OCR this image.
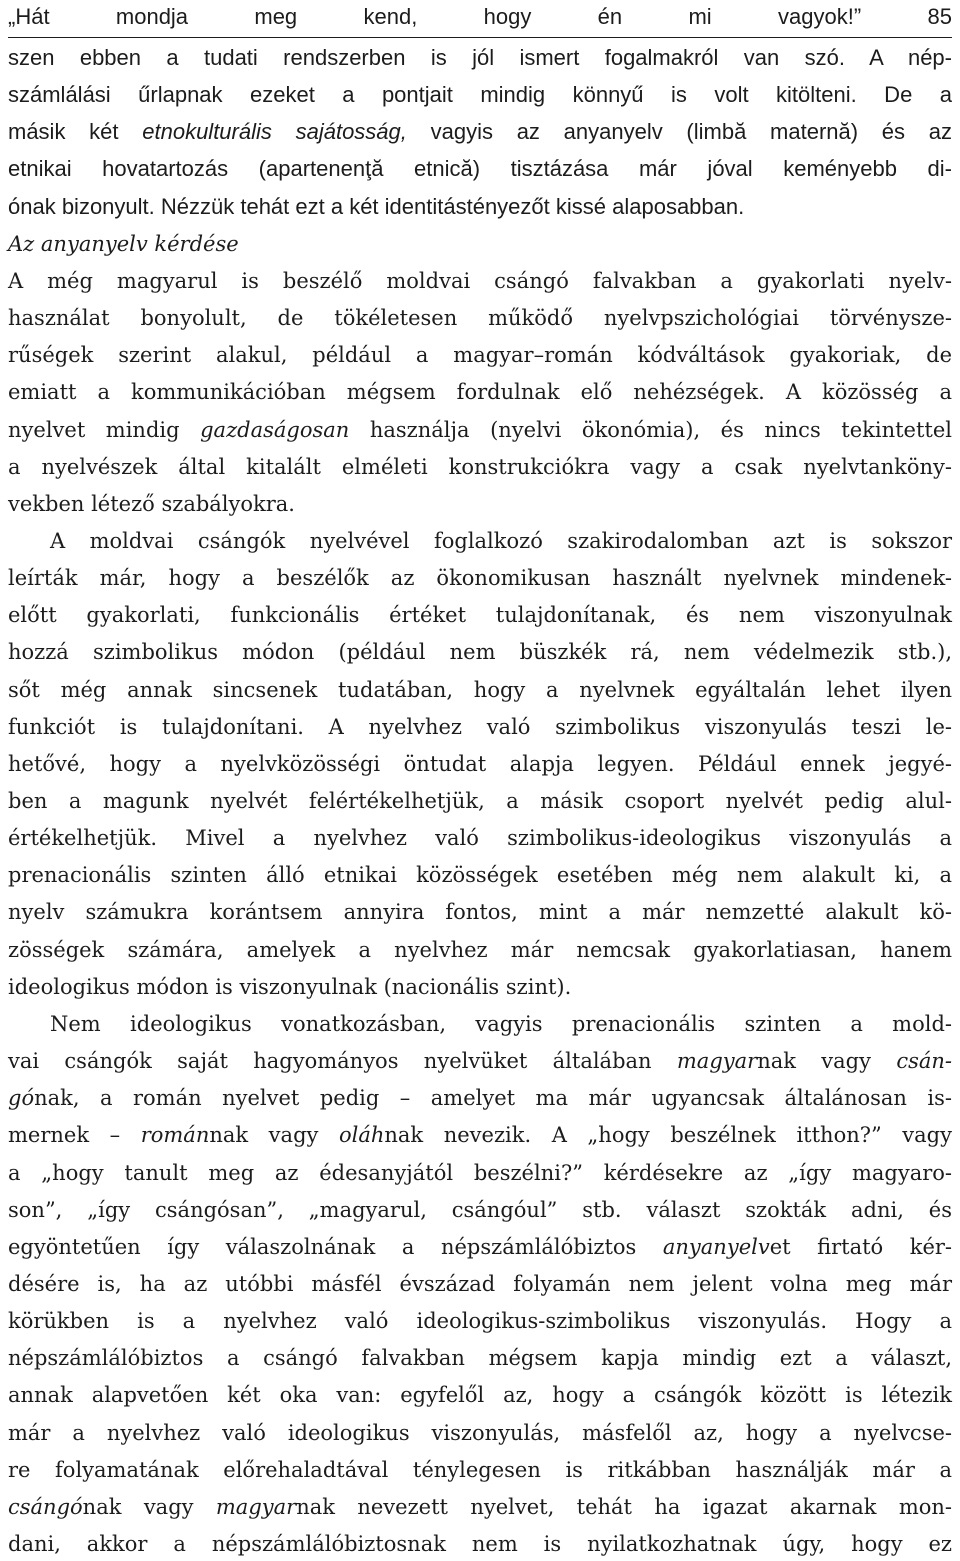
„Hát mondja meg kend, hogy én mi vagyok!”	85
szen ebben a tudati rendszerben is jól ismert fogalmakról van szó. A nép-
számlálási űrlapnak ezeket a pontjait mindig könnyű is volt kitölteni. De a
másik két etnokulturális sajátosság, vagyis az anyanyelv (limbă maternă) és az
etnikai hovatartozás (apartenenţă etnică) tisztázása már jóval keményebb di-
ónak bizonyult. Nézzük tehát ezt a két identitástényezőt kissé alaposabban.
Az anyanyelv kérdése
A még magyarul is beszélő moldvai csángó falvakban a gyakorlati nyelv-
használat bonyolult, de tökéletesen működő nyelvpszichológiai törvénysze-
rűségek szerint alakul, például a magyar–román kódváltások gyakoriak, de
emiatt a kommunikációban mégsem fordulnak elő nehézségek. A közösség a
nyelvet mindig gazdaságosan használja (nyelvi ökonómia), és nincs tekintettel
a nyelvészek által kitalált elméleti konstrukciókra vagy a csak nyelvtanköny-
vekben létező szabályokra.
A moldvai csángók nyelvével foglalkozó szakirodalomban azt is sokszor
leírták már, hogy a beszélők az ökonomikusan használt nyelvnek mindenek-
előtt gyakorlati, funkcionális értéket tulajdonítanak, és nem viszonyulnak
hozzá szimbolikus módon (például nem büszkék rá, nem védelmezik stb.),
sőt még annak sincsenek tudatában, hogy a nyelvnek egyáltalán lehet ilyen
funkciót is tulajdonítani. A nyelvhez való szimbolikus viszonyulás teszi le-
hetővé, hogy a nyelvközösségi öntudat alapja legyen. Például ennek jegyé-
ben a magunk nyelvét felértékelhetjük, a másik csoport nyelvét pedig alul-
értékelhetjük. Mivel a nyelvhez való szimbolikus-ideologikus viszonyulás a
prenacionális szinten álló etnikai közösségek esetében még nem alakult ki, a
nyelv számukra korántsem annyira fontos, mint a már nemzetté alakult kö-
zösségek számára, amelyek a nyelvhez már nemcsak gyakorlatiasan, hanem
ideologikus módon is viszonyulnak (nacionális szint).
Nem ideologikus vonatkozásban, vagyis prenacionális szinten a mold-
vai csángók saját hagyományos nyelvüket általában magyarnak vagy csán-
gónak, a román nyelvet pedig – amelyet ma már ugyancsak általánosan is-
mernek – románnak vagy oláhnak nevezik. A „hogy beszélnek itthon?” vagy
a „hogy tanult meg az édesanyjától beszélni?” kérdésekre az „így magyaro-
son”, „így csángósan”, „magyarul, csángóul” stb. választ szokták adni, és
egyöntetűen így válaszolnának a népszámlálóbiztos anyanyelvet firtató kér-
désére is, ha az utóbbi másfél évszázad folyamán nem jelent volna meg már
körükben is a nyelvhez való ideologikus-szimbolikus viszonyulás. Hogy a
népszámlálóbiztos a csángó falvakban mégsem kapja mindig ezt a választ,
annak alapvetően két oka van: egyfelől az, hogy a csángók között is létezik
már a nyelvhez való ideologikus viszonyulás, másfelől az, hogy a nyelvcse-
re folyamatának előrehaladtával ténylegesen is ritkábban használják már a
csángónak vagy magyarnak nevezett nyelvet, tehát ha igazat akarnak mon-
dani, akkor a népszámlálóbiztosnak nem is nyilatkozhatnak úgy, hogy ez
